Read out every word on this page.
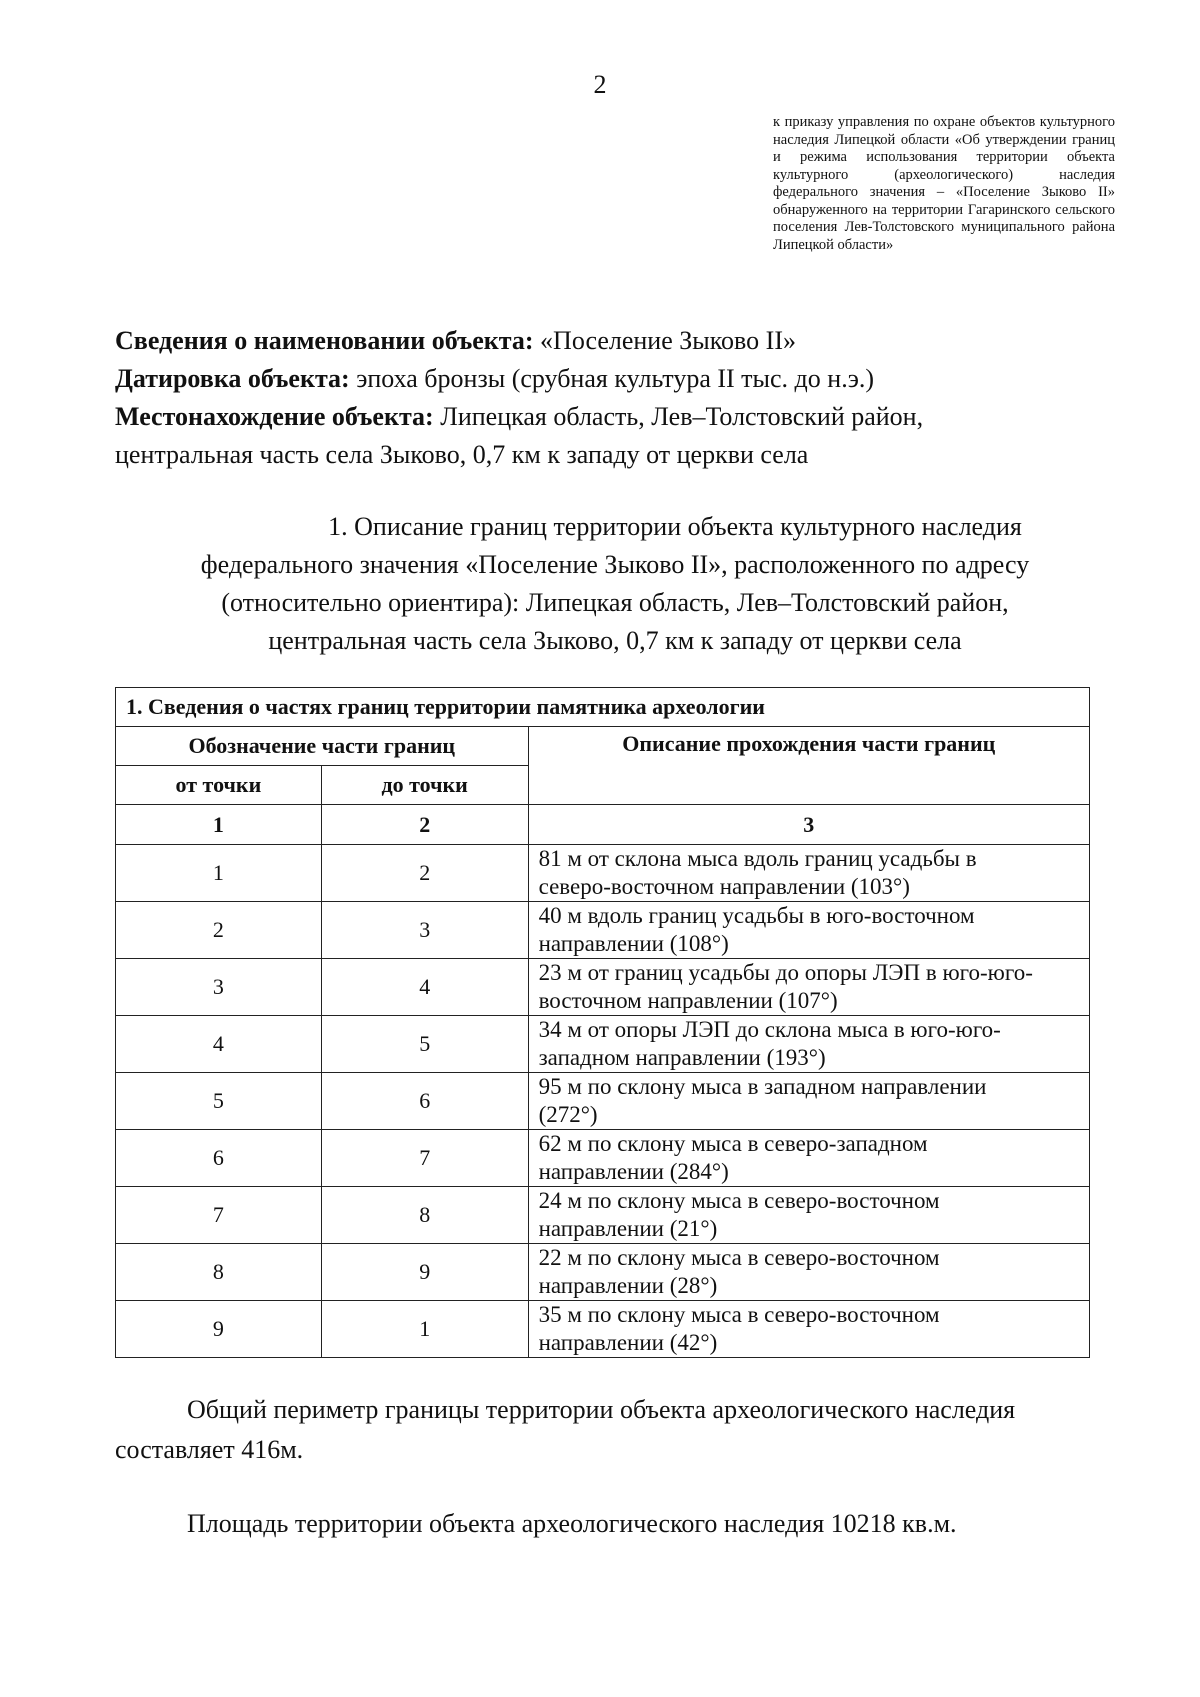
2
к приказу управления по охране объектов культурного наследия Липецкой области «Об утверждении границ и режима использования территории объекта культурного (археологического) наследия федерального значения – «Поселение Зыково II» обнаруженного на территории Гагаринского сельского поселения Лев-Толстовского муниципального района Липецкой области»
Сведения о наименовании объекта: «Поселение Зыково II»
Датировка объекта: эпоха бронзы (срубная культура II тыс. до н.э.)
Местонахождение объекта: Липецкая область, Лев–Толстовский район,
центральная часть села Зыково, 0,7 км к западу от церкви села
1. Описание границ территории объекта культурного наследия
федерального значения «Поселение Зыково II», расположенного по адресу
(относительно ориентира): Липецкая область, Лев–Толстовский район,
центральная часть села Зыково, 0,7 км к западу от церкви села
1. Сведения о частях границ территории памятника археологии		
Обозначение части границ		Описание прохождения части границ
от точки	до точки	
1	2	3
1	2	81 м от склона мыса вдоль границ усадьбы в
северо-восточном направлении (103°)
2	3	40 м вдоль границ усадьбы в юго-восточном
направлении (108°)
3	4	23 м от границ усадьбы до опоры ЛЭП в юго-юго-
восточном направлении (107°)
4	5	34 м от опоры ЛЭП до склона мыса в юго-юго-
западном направлении (193°)
5	6	95 м по склону мыса в западном направлении
(272°)
6	7	62 м по склону мыса в северо-западном
направлении (284°)
7	8	24 м по склону мыса в северо-восточном
направлении (21°)
8	9	22 м по склону мыса в северо-восточном
направлении (28°)
9	1	35 м по склону мыса в северо-восточном
направлении (42°)
Общий периметр границы территории объекта археологического наследия
составляет 416м.
Площадь территории объекта археологического наследия 10218 кв.м.
